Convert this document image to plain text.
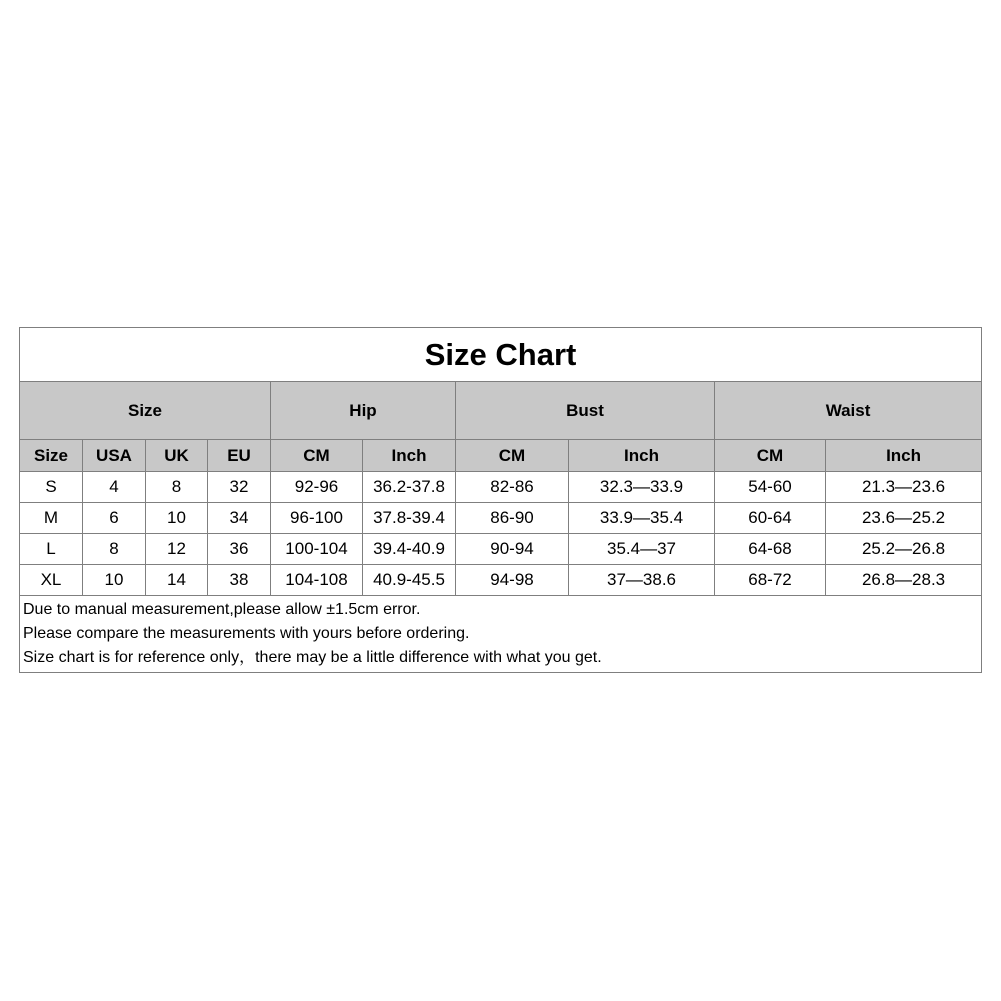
Size Chart									
Size				Hip		Bust		Waist	
Size	USA	UK	EU	CM	Inch	CM	Inch	CM	Inch
S	4	8	32	92-96	36.2-37.8	82-86	32.3—33.9	54-60	21.3—23.6
M	6	10	34	96-100	37.8-39.4	86-90	33.9—35.4	60-64	23.6—25.2
L	8	12	36	100-104	39.4-40.9	90-94	35.4—37	64-68	25.2—26.8
XL	10	14	38	104-108	40.9-45.5	94-98	37—38.6	68-72	26.8—28.3

Due to manual measurement,please allow ±1.5cm error.
Please compare the measurements with yours before ordering.
Size chart is for reference only，there may be a little difference with what you get.									
